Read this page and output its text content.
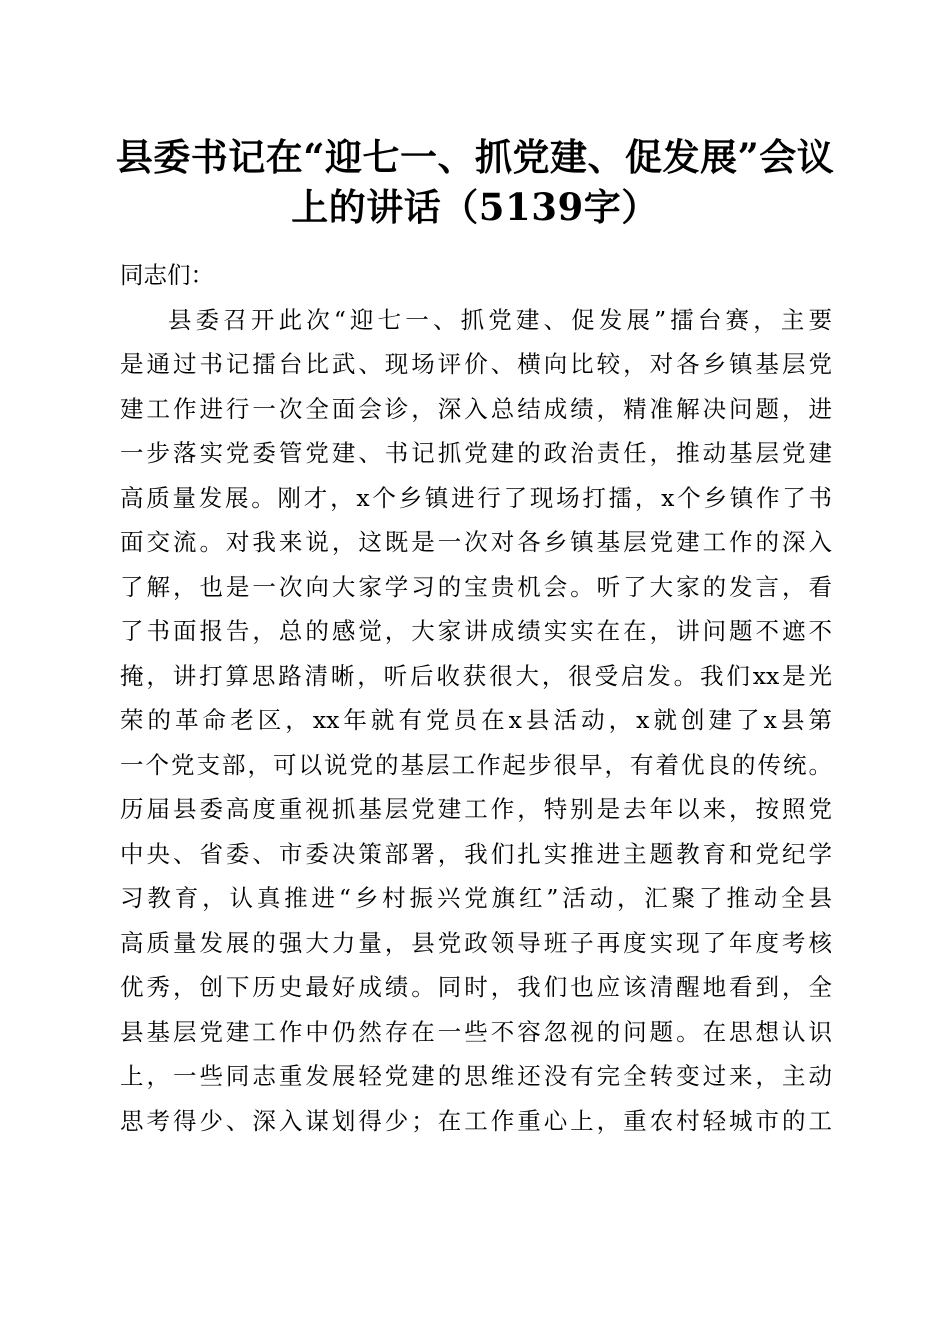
县委书记在“迎七一、抓党建、促发展”会议
上的讲话（5139字）
同志们：
县委召开此次“迎七一、抓党建、促发展”擂台赛，主要
是通过书记擂台比武、现场评价、横向比较，对各乡镇基层党
建工作进行一次全面会诊，深入总结成绩，精准解决问题，进
一步落实党委管党建、书记抓党建的政治责任，推动基层党建
高质量发展。刚才，x个乡镇进行了现场打擂，x个乡镇作了书
面交流。对我来说，这既是一次对各乡镇基层党建工作的深入
了解，也是一次向大家学习的宝贵机会。听了大家的发言，看
了书面报告，总的感觉，大家讲成绩实实在在，讲问题不遮不
掩，讲打算思路清晰，听后收获很大，很受启发。我们xx是光
荣的革命老区，xx年就有党员在x县活动，x就创建了x县第
一个党支部，可以说党的基层工作起步很早，有着优良的传统。
历届县委高度重视抓基层党建工作，特别是去年以来，按照党
中央、省委、市委决策部署，我们扎实推进主题教育和党纪学
习教育，认真推进“乡村振兴党旗红”活动，汇聚了推动全县
高质量发展的强大力量，县党政领导班子再度实现了年度考核
优秀，创下历史最好成绩。同时，我们也应该清醒地看到，全
县基层党建工作中仍然存在一些不容忽视的问题。在思想认识
上，一些同志重发展轻党建的思维还没有完全转变过来，主动
思考得少、深入谋划得少；在工作重心上，重农村轻城市的工
